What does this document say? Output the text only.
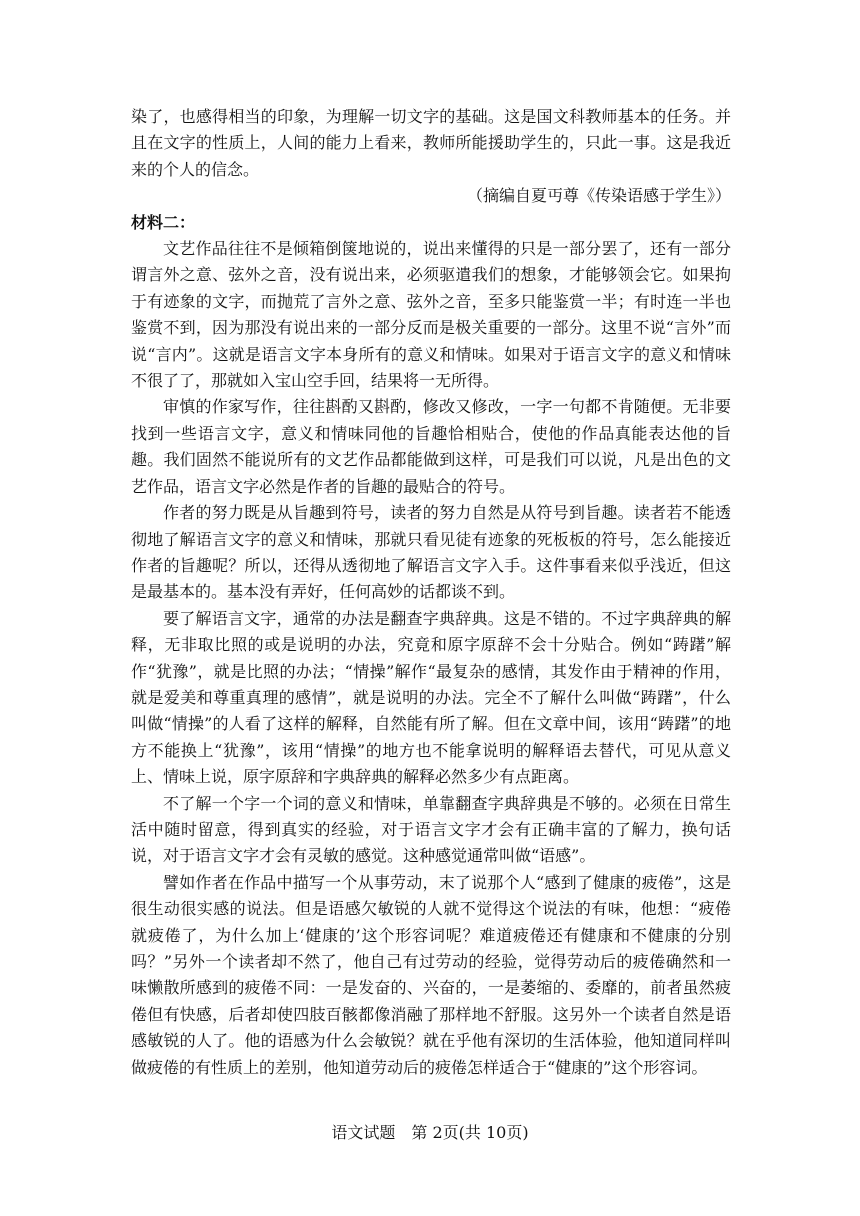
染了，也感得相当的印象，为理解一切文字的基础。这是国文科教师基本的任务。并且在文字的性质上，人间的能力上看来，教师所能援助学生的，只此一事。这是我近来的个人的信念。

（摘编自夏丏尊《传染语感于学生》）

材料二：

文艺作品往往不是倾箱倒箧地说的，说出来懂得的只是一部分罢了，还有一部分谓言外之意、弦外之音，没有说出来，必须驱遣我们的想象，才能够领会它。如果拘于有迹象的文字，而抛荒了言外之意、弦外之音，至多只能鉴赏一半；有时连一半也鉴赏不到，因为那没有说出来的一部分反而是极关重要的一部分。这里不说“言外”而说“言内”。这就是语言文字本身所有的意义和情味。如果对于语言文字的意义和情味不很了了，那就如入宝山空手回，结果将一无所得。

审慎的作家写作，往往斟酌又斟酌，修改又修改，一字一句都不肯随便。无非要找到一些语言文字，意义和情味同他的旨趣恰相贴合，使他的作品真能表达他的旨趣。我们固然不能说所有的文艺作品都能做到这样，可是我们可以说，凡是出色的文艺作品，语言文字必然是作者的旨趣的最贴合的符号。

作者的努力既是从旨趣到符号，读者的努力自然是从符号到旨趣。读者若不能透彻地了解语言文字的意义和情味，那就只看见徒有迹象的死板板的符号，怎么能接近作者的旨趣呢？所以，还得从透彻地了解语言文字入手。这件事看来似乎浅近，但这是最基本的。基本没有弄好，任何高妙的话都谈不到。

要了解语言文字，通常的办法是翻查字典辞典。这是不错的。不过字典辞典的解释，无非取比照的或是说明的办法，究竟和原字原辞不会十分贴合。例如“踌躇”解作“犹豫”，就是比照的办法；“情操”解作“最复杂的感情，其发作由于精神的作用，就是爱美和尊重真理的感情”，就是说明的办法。完全不了解什么叫做“踌躇”，什么叫做“情操”的人看了这样的解释，自然能有所了解。但在文章中间，该用“踌躇”的地方不能换上“犹豫”，该用“情操”的地方也不能拿说明的解释语去替代，可见从意义上、情味上说，原字原辞和字典辞典的解释必然多少有点距离。

不了解一个字一个词的意义和情味，单靠翻查字典辞典是不够的。必须在日常生活中随时留意，得到真实的经验，对于语言文字才会有正确丰富的了解力，换句话说，对于语言文字才会有灵敏的感觉。这种感觉通常叫做“语感”。

譬如作者在作品中描写一个从事劳动，末了说那个人“感到了健康的疲倦”，这是很生动很实感的说法。但是语感欠敏锐的人就不觉得这个说法的有味，他想：“疲倦就疲倦了，为什么加上‘健康的’这个形容词呢？难道疲倦还有健康和不健康的分别吗？”另外一个读者却不然了，他自己有过劳动的经验，觉得劳动后的疲倦确然和一味懒散所感到的疲倦不同：一是发奋的、兴奋的，一是萎缩的、委靡的，前者虽然疲倦但有快感，后者却使四肢百骸都像消融了那样地不舒服。这另外一个读者自然是语感敏锐的人了。他的语感为什么会敏锐？就在乎他有深切的生活体验，他知道同样叫做疲倦的有性质上的差别，他知道劳动后的疲倦怎样适合于“健康的”这个形容词。

语文试题　第 2页(共 10页)
